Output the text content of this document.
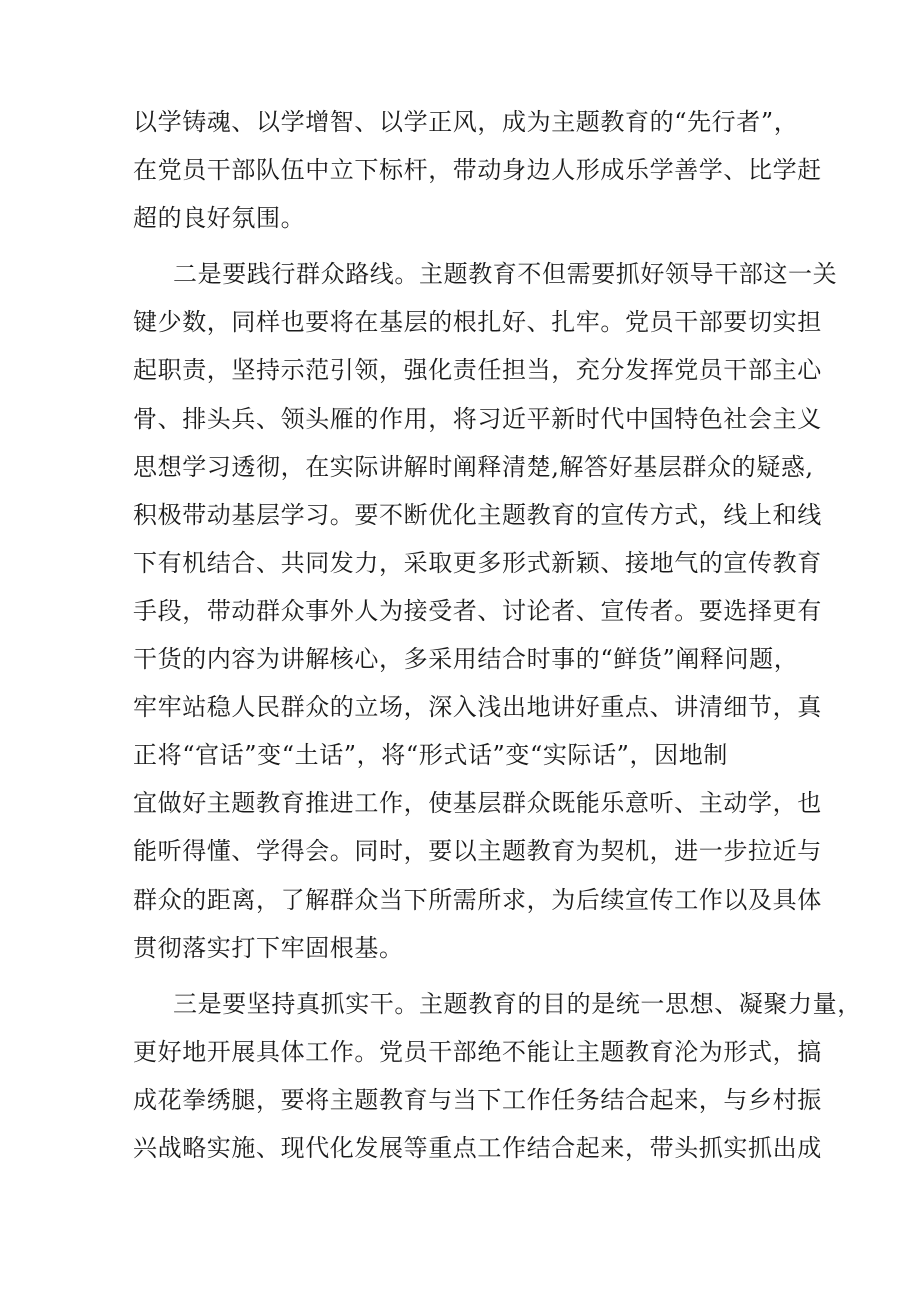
以学铸魂、以学增智、以学正风，成为主题教育的“先行者”，
在党员干部队伍中立下标杆，带动身边人形成乐学善学、比学赶
超的良好氛围。
二是要践行群众路线。主题教育不但需要抓好领导干部这一关
键少数，同样也要将在基层的根扎好、扎牢。党员干部要切实担
起职责，坚持示范引领，强化责任担当，充分发挥党员干部主心
骨、排头兵、领头雁的作用，将习近平新时代中国特色社会主义
思想学习透彻，在实际讲解时阐释清楚,解答好基层群众的疑惑,
积极带动基层学习。要不断优化主题教育的宣传方式，线上和线
下有机结合、共同发力，采取更多形式新颖、接地气的宣传教育
手段，带动群众事外人为接受者、讨论者、宣传者。要选择更有
干货的内容为讲解核心，多采用结合时事的“鲜货”阐释问题，
牢牢站稳人民群众的立场，深入浅出地讲好重点、讲清细节，真
正将“官话”变“土话”，将“形式话”变“实际话”，因地制
宜做好主题教育推进工作，使基层群众既能乐意听、主动学，也
能听得懂、学得会。同时，要以主题教育为契机，进一步拉近与
群众的距离，了解群众当下所需所求，为后续宣传工作以及具体
贯彻落实打下牢固根基。
三是要坚持真抓实干。主题教育的目的是统一思想、凝聚力量，
更好地开展具体工作。党员干部绝不能让主题教育沦为形式，搞
成花拳绣腿，要将主题教育与当下工作任务结合起来，与乡村振
兴战略实施、现代化发展等重点工作结合起来，带头抓实抓出成
